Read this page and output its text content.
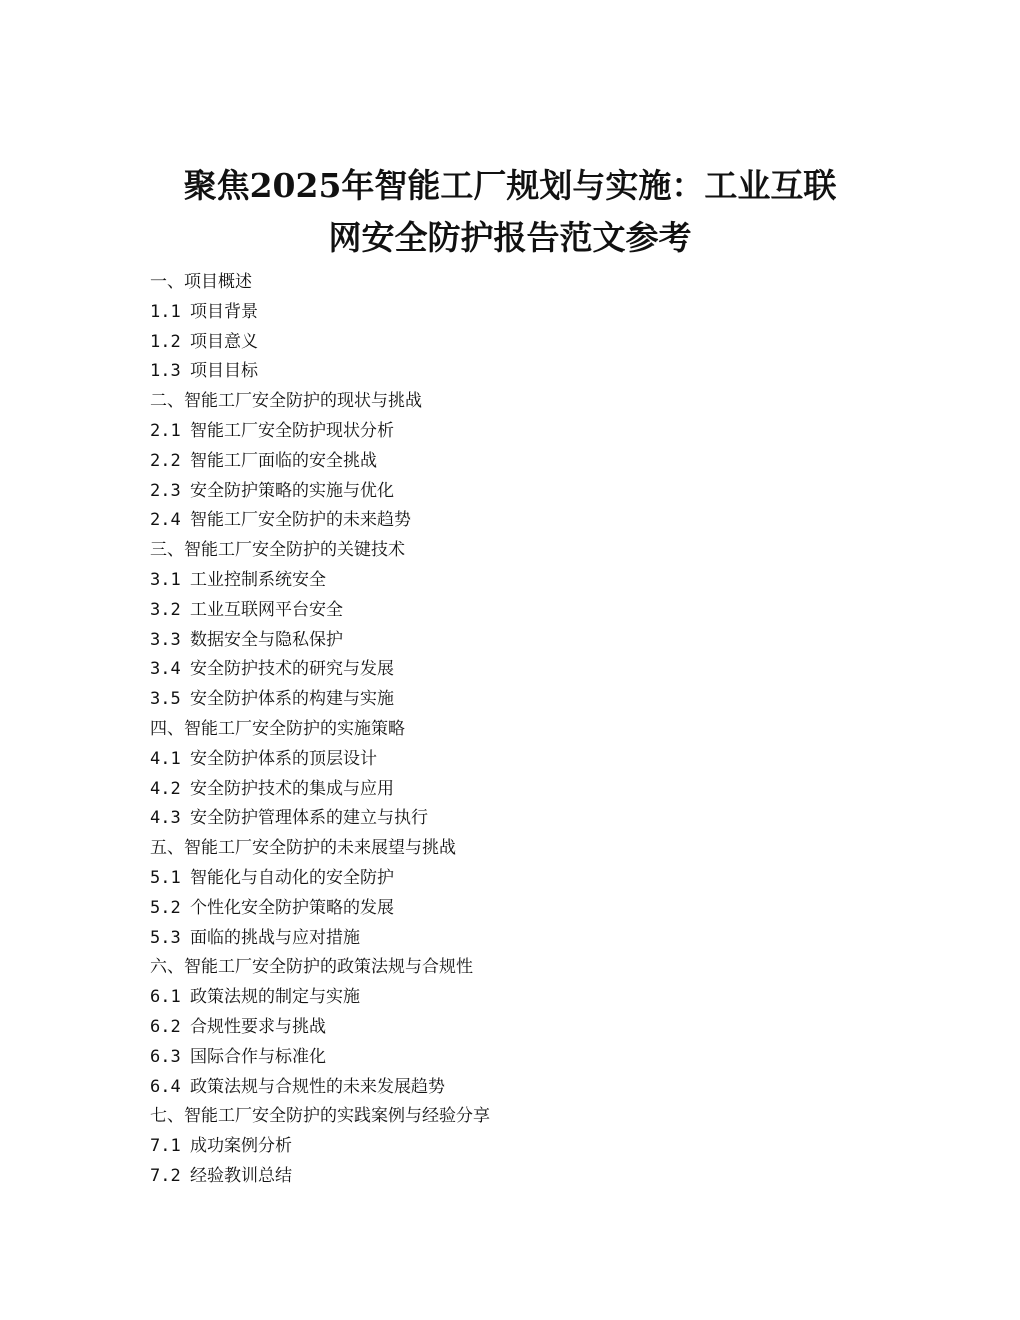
聚焦2025年智能工厂规划与实施：工业互联
网安全防护报告范文参考
一、项目概述
1.1 项目背景
1.2 项目意义
1.3 项目目标
二、智能工厂安全防护的现状与挑战
2.1 智能工厂安全防护现状分析
2.2 智能工厂面临的安全挑战
2.3 安全防护策略的实施与优化
2.4 智能工厂安全防护的未来趋势
三、智能工厂安全防护的关键技术
3.1 工业控制系统安全
3.2 工业互联网平台安全
3.3 数据安全与隐私保护
3.4 安全防护技术的研究与发展
3.5 安全防护体系的构建与实施
四、智能工厂安全防护的实施策略
4.1 安全防护体系的顶层设计
4.2 安全防护技术的集成与应用
4.3 安全防护管理体系的建立与执行
五、智能工厂安全防护的未来展望与挑战
5.1 智能化与自动化的安全防护
5.2 个性化安全防护策略的发展
5.3 面临的挑战与应对措施
六、智能工厂安全防护的政策法规与合规性
6.1 政策法规的制定与实施
6.2 合规性要求与挑战
6.3 国际合作与标准化
6.4 政策法规与合规性的未来发展趋势
七、智能工厂安全防护的实践案例与经验分享
7.1 成功案例分析
7.2 经验教训总结
